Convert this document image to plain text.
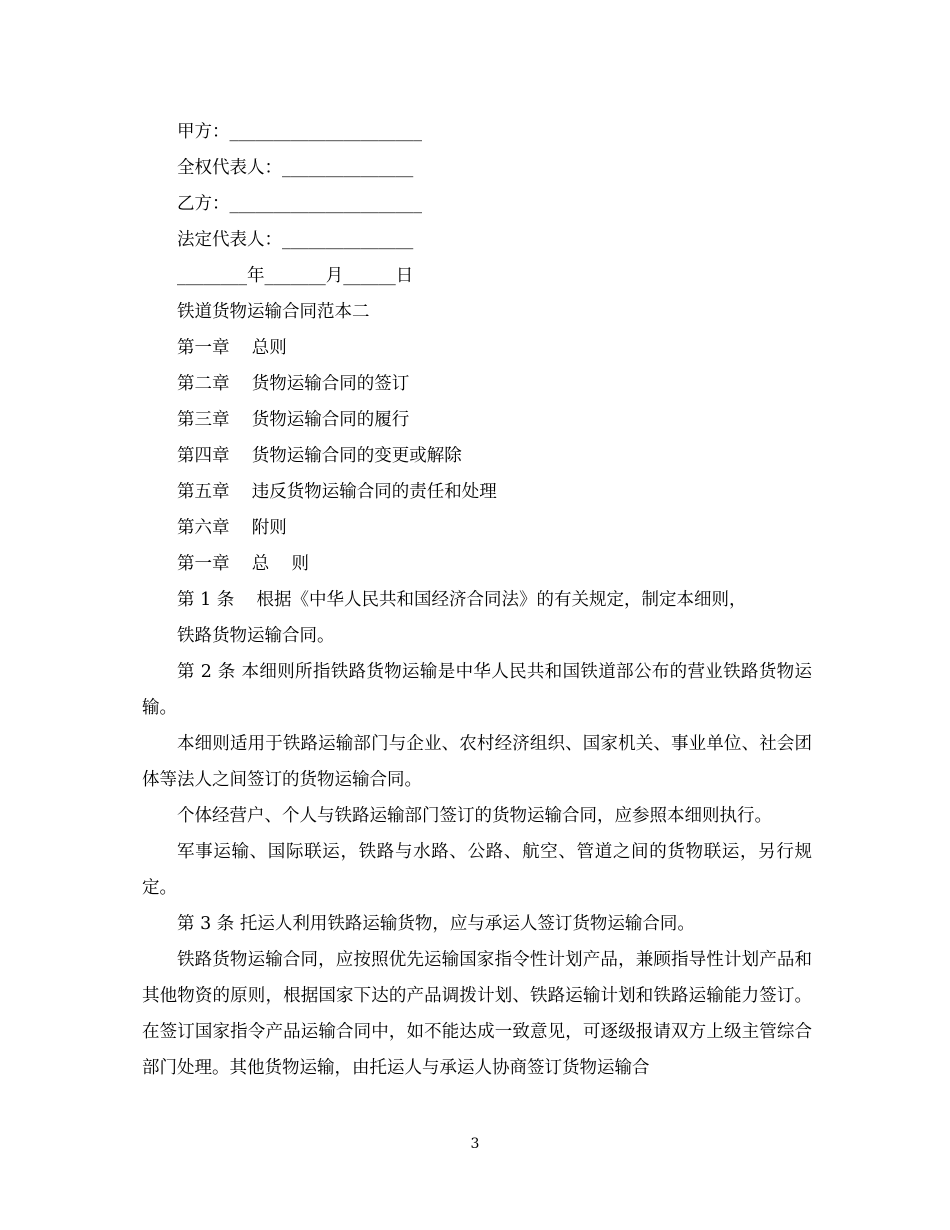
甲方：______________________
全权代表人：_______________
乙方：______________________
法定代表人：_______________
________年_______月______日
铁道货物运输合同范本二
第一章    总则
第二章    货物运输合同的签订
第三章    货物运输合同的履行
第四章    货物运输合同的变更或解除
第五章    违反货物运输合同的责任和处理
第六章    附则
第一章    总    则
第 1 条    根据《中华人民共和国经济合同法》的有关规定，制定本细则，
铁路货物运输合同。

第 2 条 本细则所指铁路货物运输是中华人民共和国铁道部公布的营业铁路货物运输。

本细则适用于铁路运输部门与企业、农村经济组织、国家机关、事业单位、社会团体等法人之间签订的货物运输合同。

个体经营户、个人与铁路运输部门签订的货物运输合同，应参照本细则执行。

军事运输、国际联运，铁路与水路、公路、航空、管道之间的货物联运，另行规定。

第 3 条 托运人利用铁路运输货物，应与承运人签订货物运输合同。

铁路货物运输合同，应按照优先运输国家指令性计划产品，兼顾指导性计划产品和其他物资的原则，根据国家下达的产品调拨计划、铁路运输计划和铁路运输能力签订。在签订国家指令产品运输合同中，如不能达成一致意见，可逐级报请双方上级主管综合部门处理。其他货物运输，由托运人与承运人协商签订货物运输合

3
